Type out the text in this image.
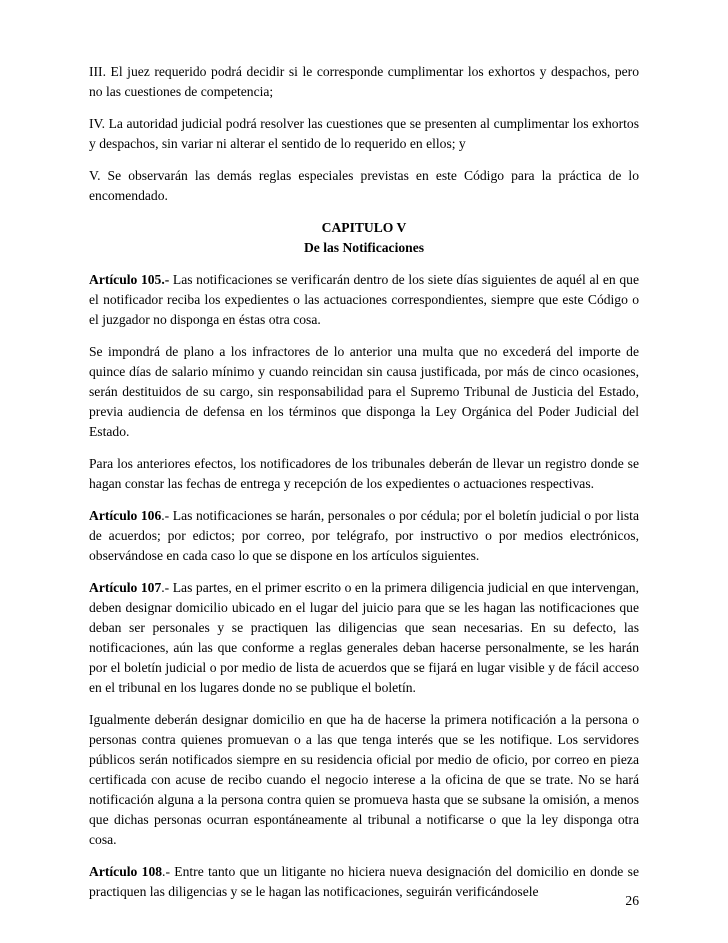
III. El juez requerido podrá decidir si le corresponde cumplimentar los exhortos y despachos, pero no las cuestiones de competencia;

IV. La autoridad judicial podrá resolver las cuestiones que se presenten al cumplimentar los exhortos y despachos, sin variar ni alterar el sentido de lo requerido en ellos; y

V. Se observarán las demás reglas especiales previstas en este Código para la práctica de lo encomendado.

CAPITULO V

De las Notificaciones

Artículo 105.- Las notificaciones se verificarán dentro de los siete días siguientes de aquél al en que el notificador reciba los expedientes o las actuaciones correspondientes, siempre que este Código o el juzgador no disponga en éstas otra cosa.

Se impondrá de plano a los infractores de lo anterior una multa que no excederá del importe de quince días de salario mínimo y cuando reincidan sin causa justificada, por más de cinco ocasiones, serán destituidos de su cargo, sin responsabilidad para el Supremo Tribunal de Justicia del Estado, previa audiencia de defensa en los términos que disponga la Ley Orgánica del Poder Judicial del Estado.

Para los anteriores efectos, los notificadores de los tribunales deberán de llevar un registro donde se hagan constar las fechas de entrega y recepción de los expedientes o actuaciones respectivas.

Artículo 106.- Las notificaciones se harán, personales o por cédula; por el boletín judicial o por lista de acuerdos; por edictos; por correo, por telégrafo, por instructivo o por medios electrónicos, observándose en cada caso lo que se dispone en los artículos siguientes.

Artículo 107.- Las partes, en el primer escrito o en la primera diligencia judicial en que intervengan, deben designar domicilio ubicado en el lugar del juicio para que se les hagan las notificaciones que deban ser personales y se practiquen las diligencias que sean necesarias. En su defecto, las notificaciones, aún las que conforme a reglas generales deban hacerse personalmente, se les harán por el boletín judicial o por medio de lista de acuerdos que se fijará en lugar visible y de fácil acceso en el tribunal en los lugares donde no se publique el boletín.

Igualmente deberán designar domicilio en que ha de hacerse la primera notificación a la persona o personas contra quienes promuevan o a las que tenga interés que se les notifique. Los servidores públicos serán notificados siempre en su residencia oficial por medio de oficio, por correo en pieza certificada con acuse de recibo cuando el negocio interese a la oficina de que se trate. No se hará notificación alguna a la persona contra quien se promueva hasta que se subsane la omisión, a menos que dichas personas ocurran espontáneamente al tribunal a notificarse o que la ley disponga otra cosa.

Artículo 108.- Entre tanto que un litigante no hiciera nueva designación del domicilio en donde se practiquen las diligencias y se le hagan las notificaciones, seguirán verificándosele

26
